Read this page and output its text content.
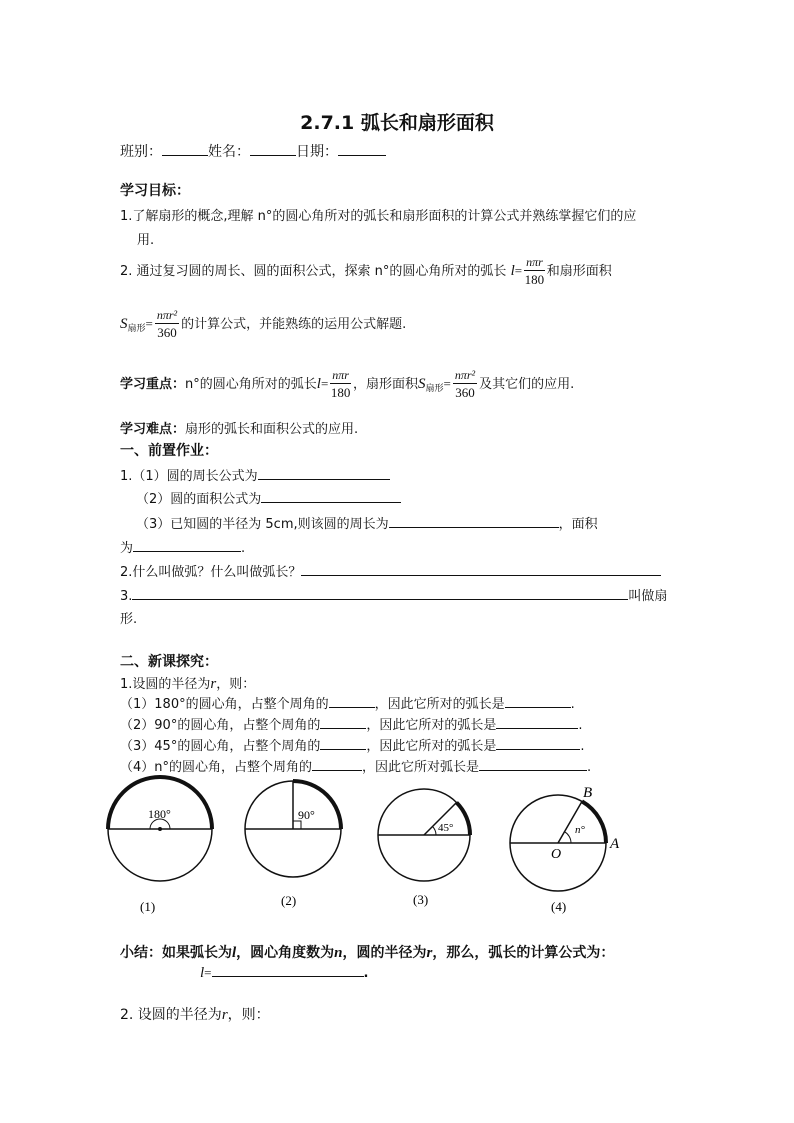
2.7.1 弧长和扇形面积
班别：	姓名：	日期：
学习目标：
1.了解扇形的概念,理解 n°的圆心角所对的弧长和扇形面积的计算公式并熟练掌握它们的应
用.
2. 通过复习圆的周长、圆的面积公式，探索 n°的圆心角所对的弧长 $l= \frac{\text{nπr}}{180}$ 和扇形面积
$S_{扇形}= \frac{\text{nπr²}}{360}$ 的计算公式，并能熟练的运用公式解题.
学习重点：n°的圆心角所对的弧长$l= \frac{\text{nπr}}{180}$ ，扇形面积$S_{扇形}= \frac{\text{nπr²}}{360}$ 及其它们的应用.
学习难点：扇形的弧长和面积公式的应用.
一、前置作业：
1.（1）圆的周长公式为
（2）圆的面积公式为
（3）已知圆的半径为 5cm,则该圆的周长为	，面积
为	.
2.什么叫做弧？什么叫做弧长？
3.	叫做扇
形.
二、新课探究：
1.设圆的半径为r，则：
（1）180°的圆心角，占整个周角的	，因此它所对的弧长是	.
（2）90°的圆心角，占整个周角的	，因此它所对的弧长是	.
（3）45°的圆心角，占整个周角的	，因此它所对的弧长是	.
（4）n°的圆心角，占整个周角的	，因此它所对弧长是	.
180°
(1)
90°
(2)
45°
(3)
n°
B
A
O
(4)
小结：如果弧长为l，圆心角度数为n，圆的半径为r，那么，弧长的计算公式为：
l=	.
2. 设圆的半径为r，则：
